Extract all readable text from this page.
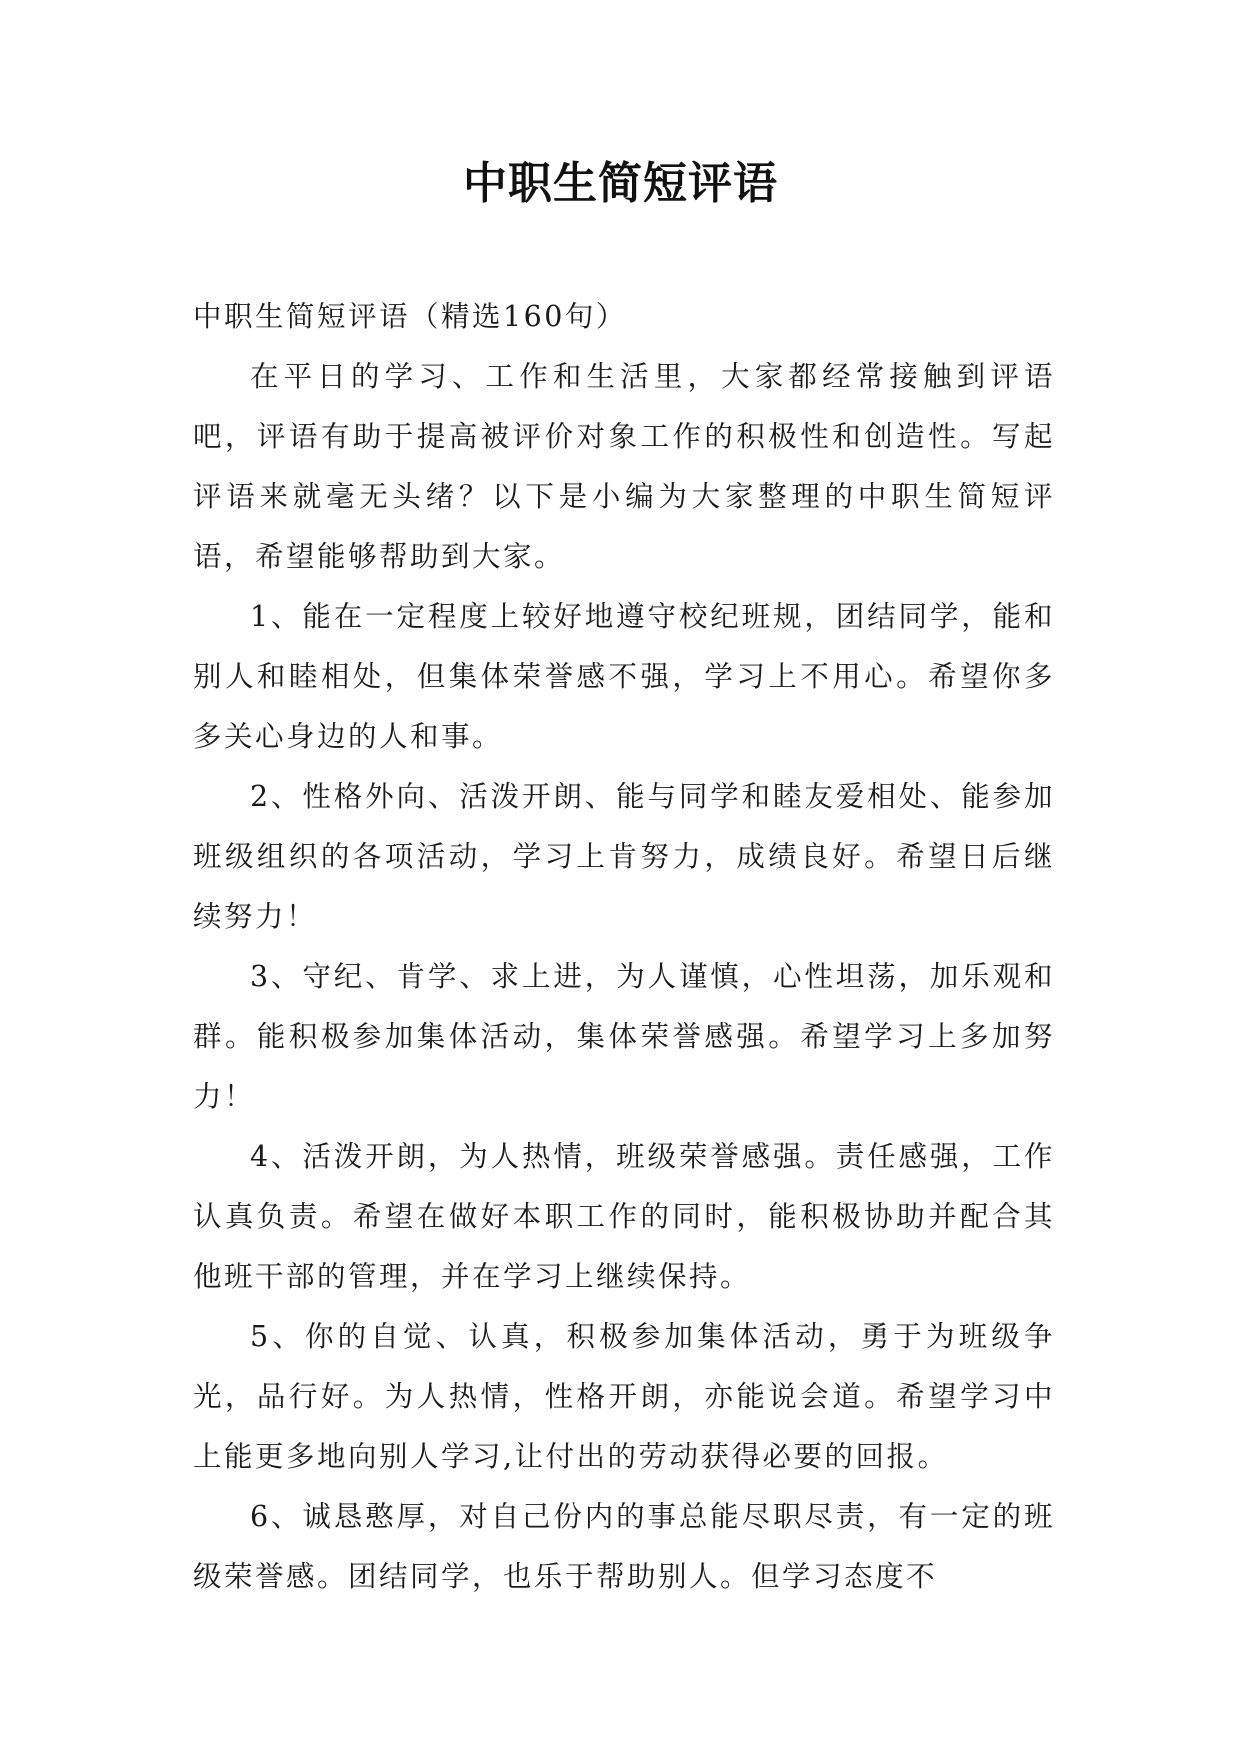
中职生简短评语

中职生简短评语（精选160句）

在平日的学习、工作和生活里，大家都经常接触到评语吧，评语有助于提高被评价对象工作的积极性和创造性。写起评语来就毫无头绪？以下是小编为大家整理的中职生简短评语，希望能够帮助到大家。

1、能在一定程度上较好地遵守校纪班规，团结同学，能和别人和睦相处，但集体荣誉感不强，学习上不用心。希望你多多关心身边的人和事。

2、性格外向、活泼开朗、能与同学和睦友爱相处、能参加班级组织的各项活动，学习上肯努力，成绩良好。希望日后继续努力！

3、守纪、肯学、求上进，为人谨慎，心性坦荡，加乐观和群。能积极参加集体活动，集体荣誉感强。希望学习上多加努力！

4、活泼开朗，为人热情，班级荣誉感强。责任感强，工作认真负责。希望在做好本职工作的同时，能积极协助并配合其他班干部的管理，并在学习上继续保持。

5、你的自觉、认真，积极参加集体活动，勇于为班级争光，品行好。为人热情，性格开朗，亦能说会道。希望学习中上能更多地向别人学习,让付出的劳动获得必要的回报。

6、诚恳憨厚，对自己份内的事总能尽职尽责，有一定的班级荣誉感。团结同学，也乐于帮助别人。但学习态度不
